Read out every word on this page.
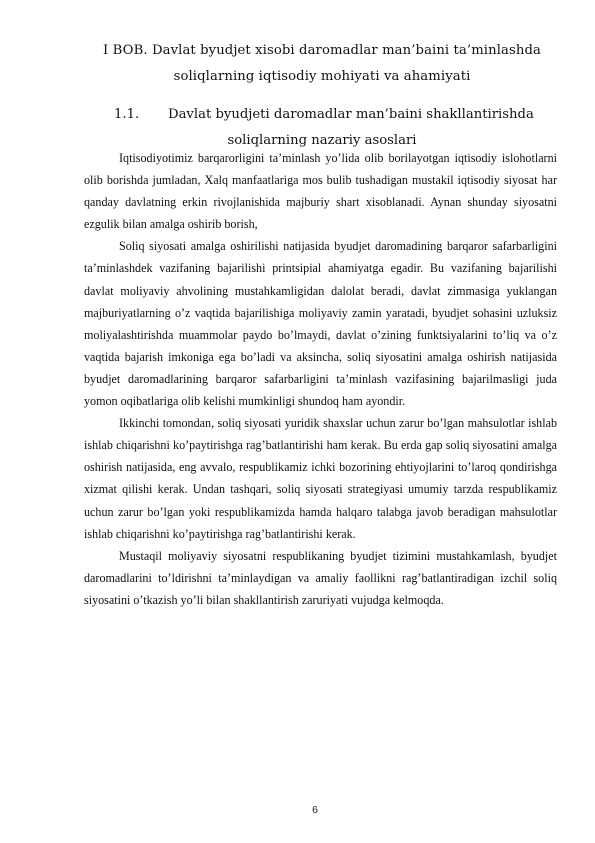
I BOB. Davlat byudjet xisobi daromadlar man’baini ta’minlashda
soliqlarning iqtisodiy mohiyati va ahamiyati
1.1. Davlat byudjeti daromadlar man’baini shakllantirishda
soliqlarning nazariy asoslari

Iqtisodiyotimiz barqarorligini ta’minlash yo’lida olib borilayotgan iqtisodiy islohotlarni olib borishda jumladan, Xalq manfaatlariga mos bulib tushadigan mustakil iqtisodiy siyosat har qanday davlatning erkin rivojlanishida majburiy shart xisoblanadi. Aynan shunday siyosatni ezgulik bilan amalga oshirib borish,

Soliq siyosati amalga oshirilishi natijasida byudjet daromadining barqaror safarbarligini ta’minlashdek vazifaning bajarilishi printsipial ahamiyatga egadir. Bu vazifaning bajarilishi davlat moliyaviy ahvolining mustahkamligidan dalolat beradi, davlat zimmasiga yuklangan majburiyatlarning o’z vaqtida bajarilishiga moliyaviy zamin yaratadi, byudjet sohasini uzluksiz moliyalashtirishda muammolar paydo bo’lmaydi, davlat o’zining funktsiyalarini to’liq va o’z vaqtida bajarish imkoniga ega bo’ladi va aksincha, soliq siyosatini amalga oshirish natijasida byudjet daromadlarining barqaror safarbarligini ta’minlash vazifasining bajarilmasligi juda yomon oqibatlariga olib kelishi mumkinligi shundoq ham ayondir.

Ikkinchi tomondan, soliq siyosati yuridik shaxslar uchun zarur bo’lgan mahsulotlar ishlab ishlab chiqarishni ko’paytirishga rag’batlantirishi ham kerak. Bu erda gap soliq siyosatini amalga oshirish natijasida, eng avvalo, respublikamiz ichki bozorining ehtiyojlarini to’laroq qondirishga xizmat qilishi kerak. Undan tashqari, soliq siyosati strategiyasi umumiy tarzda respublikamiz uchun zarur bo’lgan yoki respublikamizda hamda halqaro talabga javob beradigan mahsulotlar ishlab chiqarishni ko’paytirishga rag’batlantirishi kerak.

Mustaqil moliyaviy siyosatni respublikaning byudjet tizimini mustahkamlash, byudjet daromadlarini to’ldirishni ta’minlaydigan va amaliy faollikni rag’batlantiradigan izchil soliq siyosatini o’tkazish yo’li bilan shakllantirish zaruriyati vujudga kelmoqda.

6
